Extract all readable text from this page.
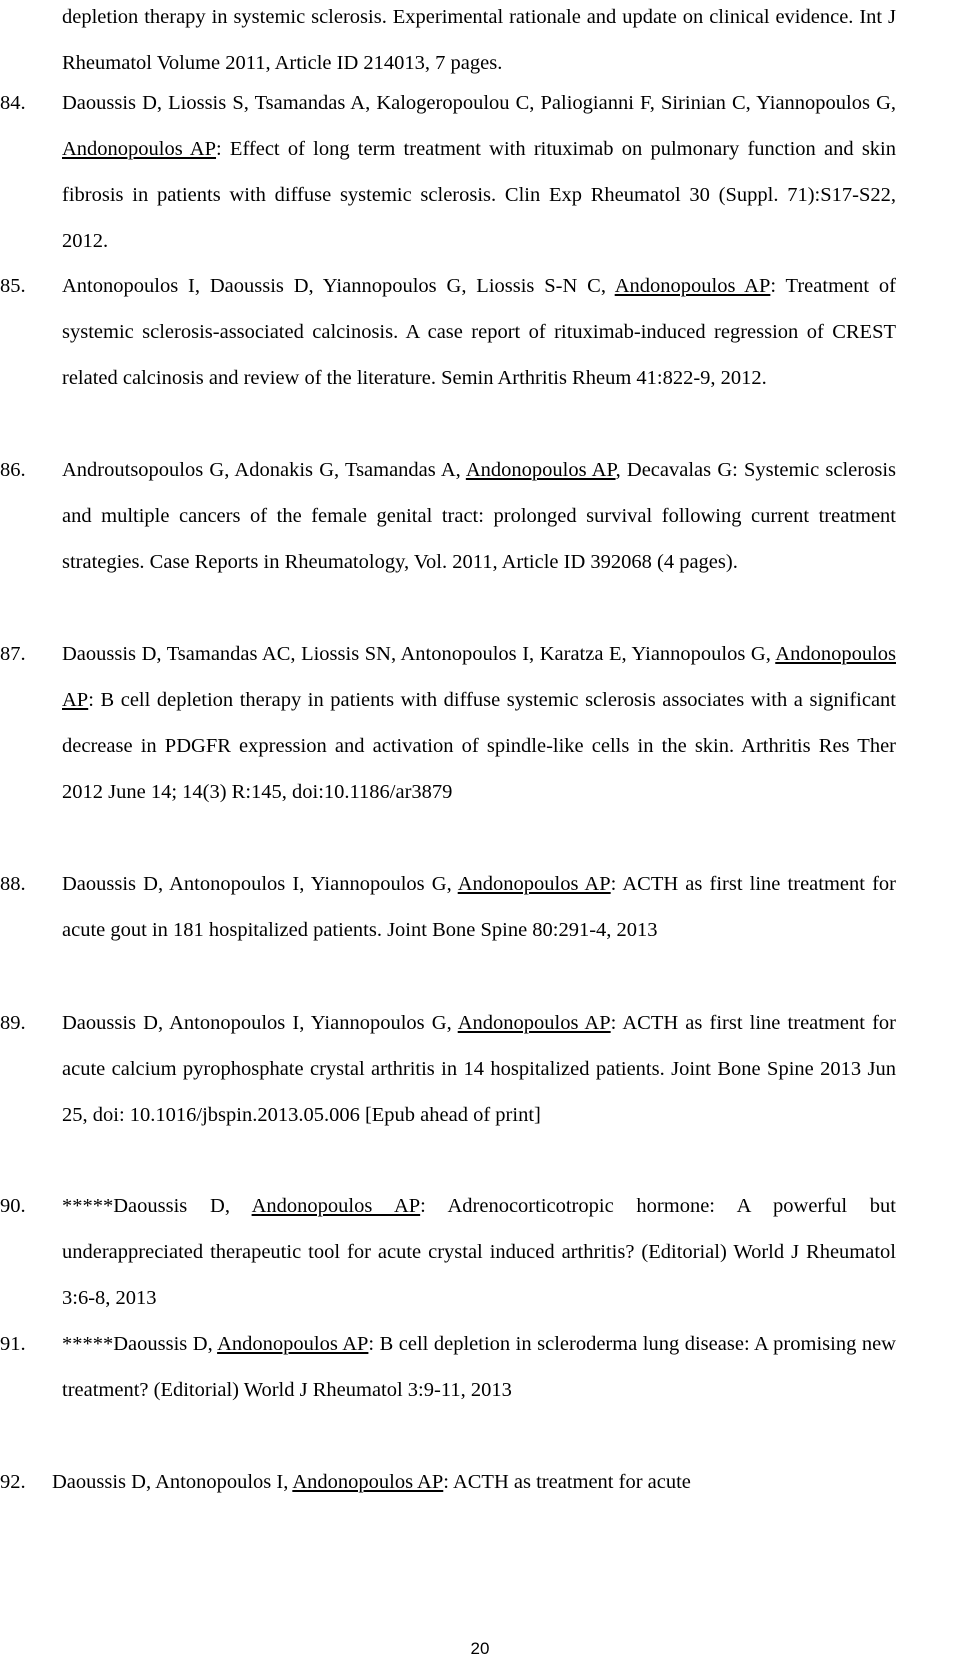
depletion therapy in systemic sclerosis. Experimental rationale and update on clinical evidence. Int J Rheumatol Volume 2011, Article ID 214013, 7 pages.
84. Daoussis D, Liossis S, Tsamandas A, Kalogeropoulou C, Paliogianni F, Sirinian C, Yiannopoulos G, Andonopoulos AP: Effect of long term treatment with rituximab on pulmonary function and skin fibrosis in patients with diffuse systemic sclerosis. Clin Exp Rheumatol 30 (Suppl. 71):S17-S22, 2012.
85. Antonopoulos I, Daoussis D, Yiannopoulos G, Liossis S-N C, Andonopoulos AP: Treatment of systemic sclerosis-associated calcinosis. A case report of rituximab-induced regression of CREST related calcinosis and review of the literature. Semin Arthritis Rheum 41:822-9, 2012.
86. Androutsopoulos G, Adonakis G, Tsamandas A, Andonopoulos AP, Decavalas G: Systemic sclerosis and multiple cancers of the female genital tract: prolonged survival following current treatment strategies. Case Reports in Rheumatology, Vol. 2011, Article ID 392068 (4 pages).
87. Daoussis D, Tsamandas AC, Liossis SN, Antonopoulos I, Karatza E, Yiannopoulos G, Andonopoulos AP: B cell depletion therapy in patients with diffuse systemic sclerosis associates with a significant decrease in PDGFR expression and activation of spindle-like cells in the skin. Arthritis Res Ther 2012 June 14; 14(3) R:145, doi:10.1186/ar3879
88. Daoussis D, Antonopoulos I, Yiannopoulos G, Andonopoulos AP: ACTH as first line treatment for acute gout in 181 hospitalized patients. Joint Bone Spine 80:291-4, 2013
89. Daoussis D, Antonopoulos I, Yiannopoulos G, Andonopoulos AP: ACTH as first line treatment for acute calcium pyrophosphate crystal arthritis in 14 hospitalized patients. Joint Bone Spine 2013 Jun 25, doi: 10.1016/jbspin.2013.05.006 [Epub ahead of print]
90. *****Daoussis D, Andonopoulos AP: Adrenocorticotropic hormone: A powerful but underappreciated therapeutic tool for acute crystal induced arthritis? (Editorial) World J Rheumatol 3:6-8, 2013
91. *****Daoussis D, Andonopoulos AP: B cell depletion in scleroderma lung disease: A promising new treatment? (Editorial) World J Rheumatol 3:9-11, 2013
92. Daoussis D, Antonopoulos I, Andonopoulos AP: ACTH as treatment for acute
20
